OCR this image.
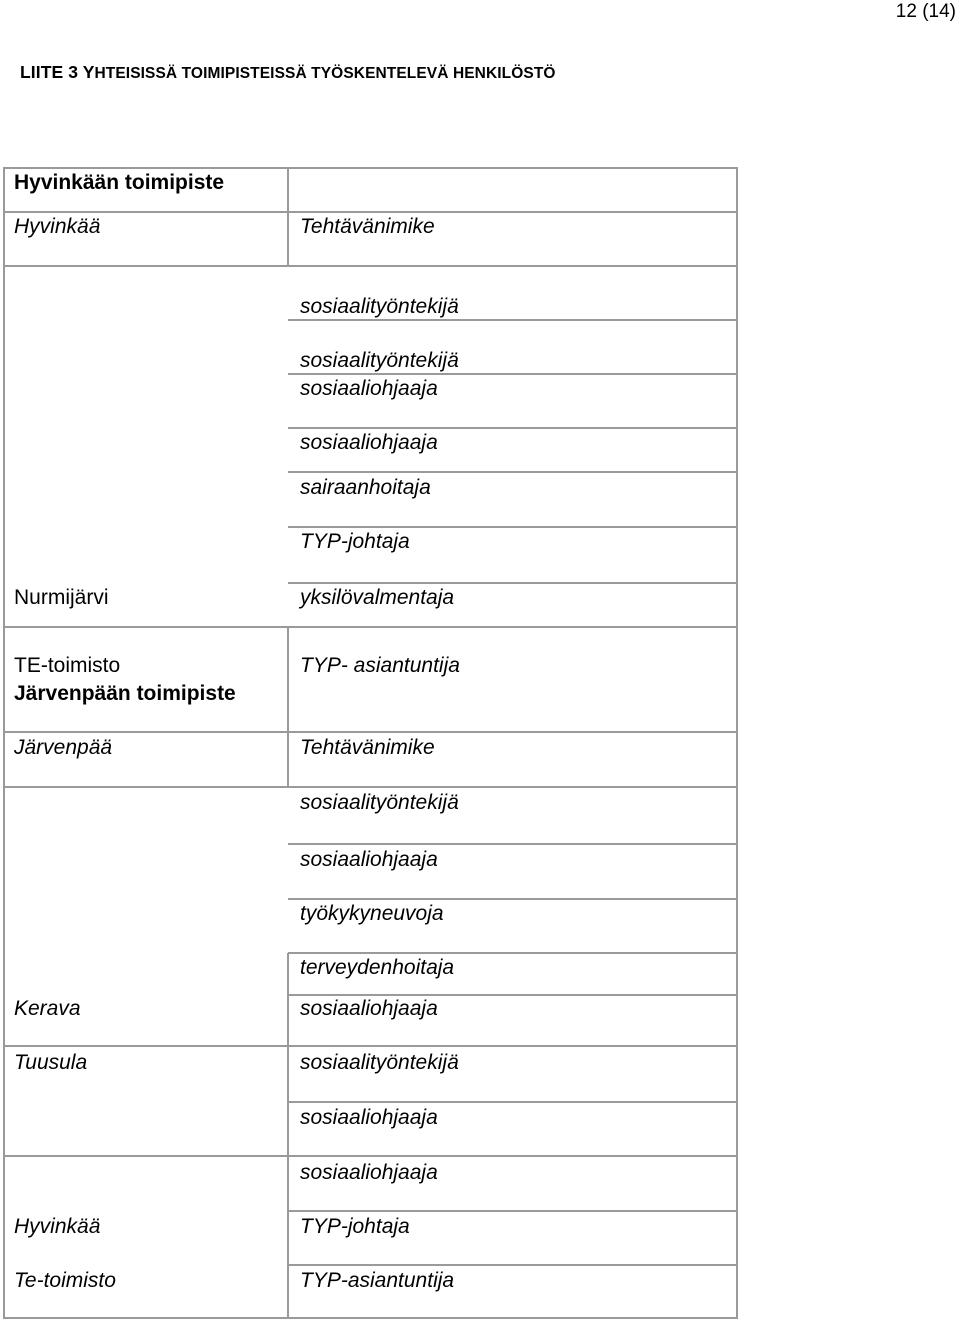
12 (14)
LIITE 3 YHTEISISSÄ TOIMIPISTEISSÄ TYÖSKENTELEVÄ HENKILÖSTÖ
Hyvinkään toimipiste
Hyvinkää
Nurmijärvi
TE-toimisto
Järvenpään toimipiste
Järvenpää
Kerava
Tuusula
Hyvinkää
Te-toimisto
Tehtävänimike
sosiaalityöntekijä
sosiaalityöntekijä
sosiaaliohjaaja
sosiaaliohjaaja
sairaanhoitaja
TYP-johtaja
yksilövalmentaja
TYP- asiantuntija
Tehtävänimike
sosiaalityöntekijä
sosiaaliohjaaja
työkykyneuvoja
terveydenhoitaja
sosiaaliohjaaja
sosiaalityöntekijä
sosiaaliohjaaja
sosiaaliohjaaja
TYP-johtaja
TYP-asiantuntija
